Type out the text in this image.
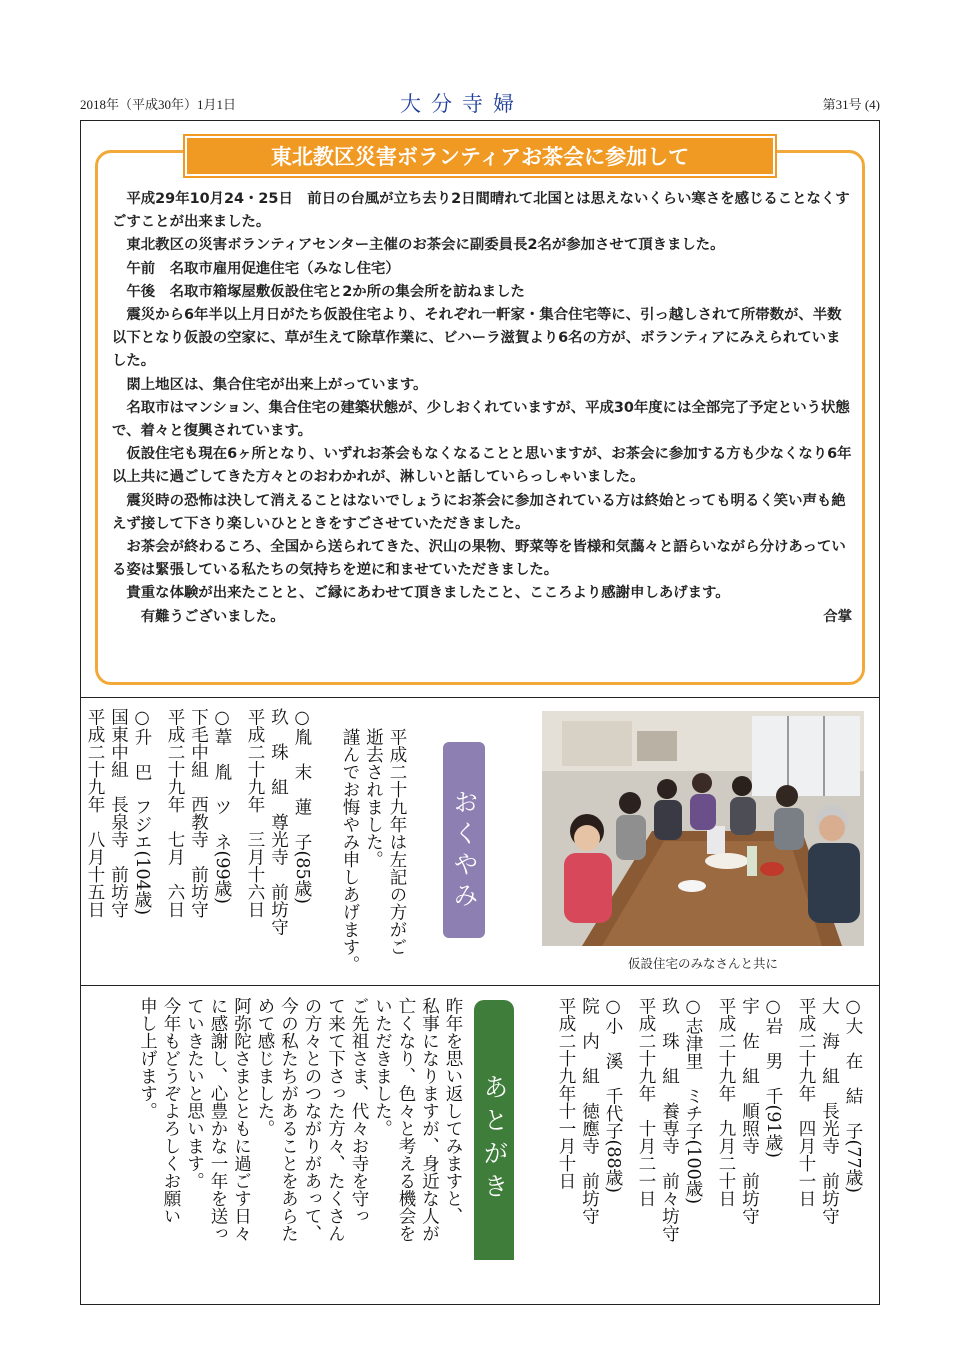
2018年（平成30年）1月1日	大分寺婦	第31号 (4)
東北教区災害ボランティアお茶会に参加して

平成29年10月24・25日　前日の台風が立ち去り2日間晴れて北国とは思えないくらい寒さを感じることなくすごすことが出来ました。

東北教区の災害ボランティアセンター主催のお茶会に副委員長2名が参加させて頂きました。

午前　名取市雇用促進住宅（みなし住宅）

午後　名取市箱塚屋敷仮設住宅と2か所の集会所を訪ねました

震災から6年半以上月日がたち仮設住宅より、それぞれ一軒家・集合住宅等に、引っ越しされて所帯数が、半数以下となり仮設の空家に、草が生えて除草作業に、ビハーラ滋賀より6名の方が、ボランティアにみえられていました。

閖上地区は、集合住宅が出来上がっています。

名取市はマンション、集合住宅の建築状態が、少しおくれていますが、平成30年度には全部完了予定という状態で、着々と復興されています。

仮設住宅も現在6ヶ所となり、いずれお茶会もなくなることと思いますが、お茶会に参加する方も少なくなり6年以上共に過ごしてきた方々とのおわかれが、淋しいと話していらっしゃいました。

震災時の恐怖は決して消えることはないでしょうにお茶会に参加されている方は終始とっても明るく笑い声も絶えず接して下さり楽しいひとときをすごさせていただきました。

お茶会が終わるころ、全国から送られてきた、沢山の果物、野菜等を皆様和気藹々と語らいながら分けあっている姿は緊張している私たちの気持ちを逆に和ませていただきました。

貴重な体験が出来たことと、ご縁にあわせて頂きましたこと、こころより感謝申しあげます。

有難うございました。	合掌

仮設住宅のみなさんと共に
おくやみ
平成二十九年は左記の方がご
逝去されました。
謹んでお悔やみ申しあげます。
○胤　末　蓮　子(85歳)
玖　珠　組　尊光寺　前坊守
平成二十九年　三月十六日
○葦　胤　ツ　ネ(99歳)
下毛中組　西教寺　前坊守
平成二十九年　七月　六日
○升　巴　フジエ(104歳)
国東中組　長泉寺　前坊守
平成二十九年　八月十五日
○大　在　結　子(77歳)
大　海　組　長光寺　前坊守
平成二十九年　四月十一日
○岩　男　千(91歳)
宇　佐　組　順照寺　前坊守
平成二十九年　九月二十日
○志津里　ミチ子(100歳)
玖　珠　組　養専寺　前々坊守
平成二十九年　十月二一日
○小　溪　千代子(88歳)
院　内　組　徳應寺　前坊守
平成二十九年十一月十日
あとがき
昨年を思い返してみますと、
私事になりますが、身近な人が
亡くなり、色々と考える機会を
いただきました。
ご先祖さま、代々お寺を守っ
て来て下さった方々、たくさん
の方々とのつながりがあって、
今の私たちがあることをあらた
めて感じました。
阿弥陀さまとともに過ごす日々
に感謝し、心豊かな一年を送っ
ていきたいと思います。
今年もどうぞよろしくお願い
申し上げます。
